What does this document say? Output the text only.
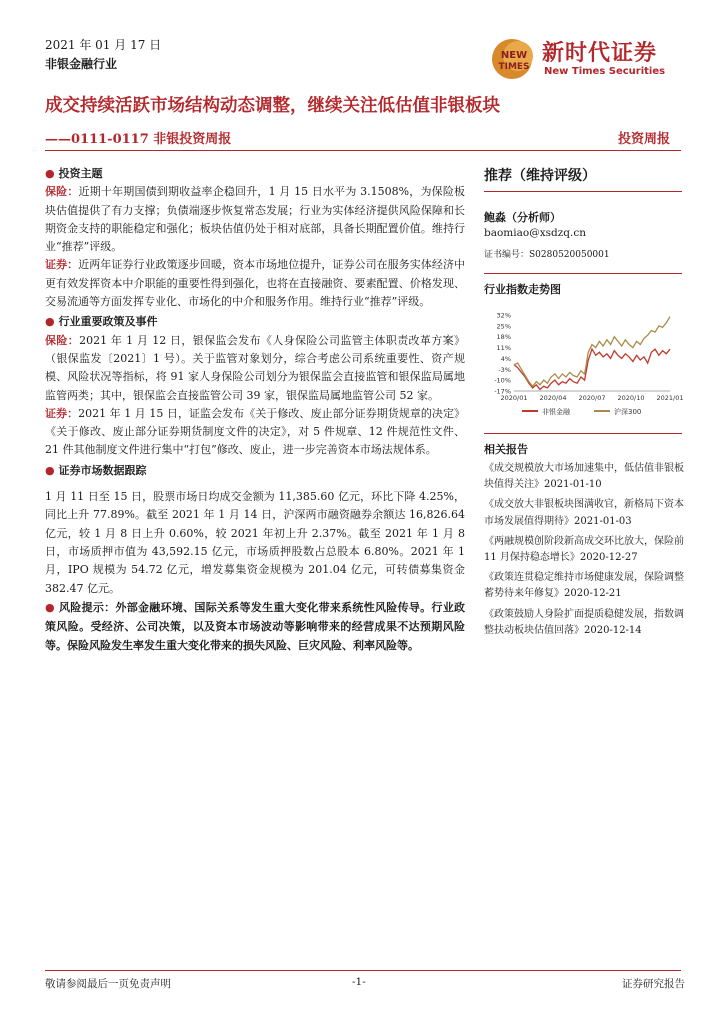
2021 年 01 月 17 日
非银金融行业
NEW
TIMES
新时代证券
New Times Securities
成交持续活跃市场结构动态调整，继续关注低估值非银板块
——0111-0117 非银投资周报	投资周报

● 投资主题

保险：近期十年期国债到期收益率企稳回升，1 月 15 日水平为 3.1508%，为保险板块估值提供了有力支撑；负债端逐步恢复常态发展；行业为实体经济提供风险保障和长期资金支持的职能稳定和强化；板块估值仍处于相对底部，具备长期配置价值。维持行业“推荐”评级。

证券：近两年证券行业政策逐步回暖，资本市场地位提升，证券公司在服务实体经济中更有效发挥资本中介职能的重要性得到强化，也将在直接融资、要素配置、价格发现、交易流通等方面发挥专业化、市场化的中介和服务作用。维持行业“推荐”评级。

● 行业重要政策及事件

保险：2021 年 1 月 12 日，银保监会发布《人身保险公司监管主体职责改革方案》（银保监发〔2021〕1 号）。关于监管对象划分，综合考虑公司系统重要性、资产规模、风险状况等指标，将 91 家人身保险公司划分为银保监会直接监管和银保监局属地监管两类；其中，银保监会直接监管公司 39 家，银保监局属地监管公司 52 家。

证券：2021 年 1 月 15 日，证监会发布《关于修改、废止部分证券期货规章的决定》《关于修改、废止部分证券期货制度文件的决定》，对 5 件规章、12 件规范性文件、21 件其他制度文件进行集中“打包”修改、废止，进一步完善资本市场法规体系。

● 证券市场数据跟踪

1 月 11 日至 15 日，股票市场日均成交金额为 11,385.60 亿元，环比下降 4.25%，同比上升 77.89%。截至 2021 年 1 月 14 日，沪深两市融资融券余额达 16,826.64 亿元，较 1 月 8 日上升 0.60%，较 2021 年初上升 2.37%。截至 2021 年 1 月 8 日，市场质押市值为 43,592.15 亿元，市场质押股数占总股本 6.80%。2021 年 1 月，IPO 规模为 54.72 亿元，增发募集资金规模为 201.04 亿元，可转债募集资金 382.47 亿元。

● 风险提示：外部金融环境、国际关系等发生重大变化带来系统性风险传导。行业政策风险。受经济、公司决策，以及资本市场波动等影响带来的经营成果不达预期风险等。保险风险发生率发生重大变化带来的损失风险、巨灾风险、利率风险等。

推荐（维持评级）
鲍淼（分析师）
baomiao@xsdzq.cn
证书编号：S0280520050001
行业指数走势图
32%
25%
18%
11%
4%
-3%
-10%
-17%
2020/01 2020/04 2020/07 2020/10 2021/01
非银金融	沪深300
相关报告
《成交规模放大市场加速集中，低估值非银板块值得关注》2021-01-10
《成交放大非银板块图满收官，新格局下资本市场发展值得期待》2021-01-03
《两融规模创阶段新高成交环比放大，保险前 11 月保持稳态增长》2020-12-27
《政策连贯稳定维持市场健康发展，保险调整蓄势待来年修复》2020-12-21
《政策鼓励人身险扩面提质稳健发展，指数调整扶动板块估值回落》2020-12-14
敬请参阅最后一页免责声明	-1-	证券研究报告
